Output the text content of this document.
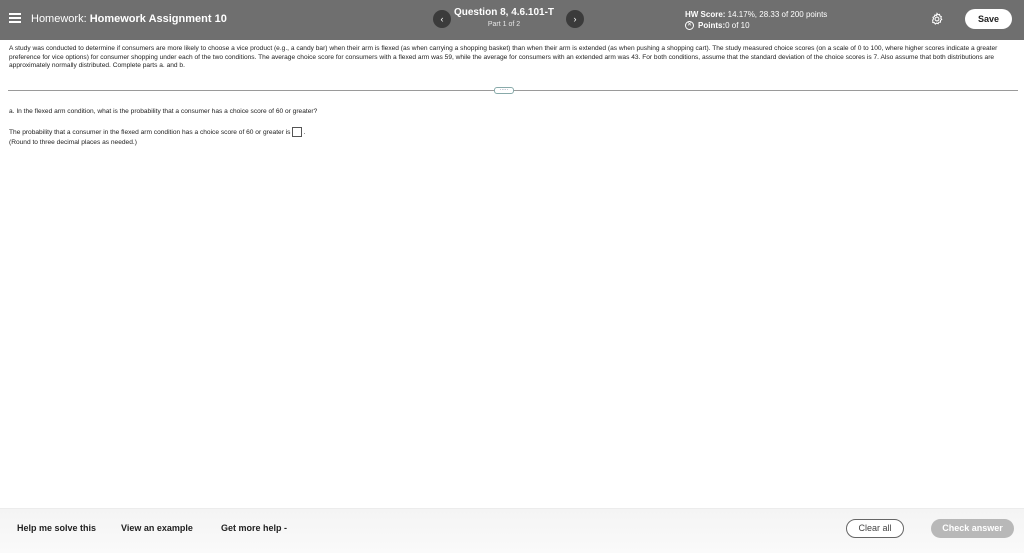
Homework: Homework Assignment 10	‹
Question 8, 4.6.101-T
Part 1 of 2
›	HW Score: 14.17%, 28.33 of 200 points
✕ Points: 0 of 10
Save
A study was conducted to determine if consumers are more likely to choose a vice product (e.g., a candy bar) when their arm is flexed (as when carrying a shopping basket) than when their arm is extended (as when pushing a shopping cart). The study measured choice scores (on a scale of 0 to 100, where higher scores indicate a greater preference for vice options) for consumer shopping under each of the two conditions. The average choice score for consumers with a flexed arm was 59, while the average for consumers with an extended arm was 43. For both conditions, assume that the standard deviation of the choice scores is 7. Also assume that both distributions are approximately normally distributed. Complete parts a. and b.
·····
a. In the flexed arm condition, what is the probability that a consumer has a choice score of 60 or greater?
The probability that a consumer in the flexed arm condition has a choice score of 60 or greater is .
(Round to three decimal places as needed.)
Help me solve this	View an example	Get more help -	Clear all	Check answer
